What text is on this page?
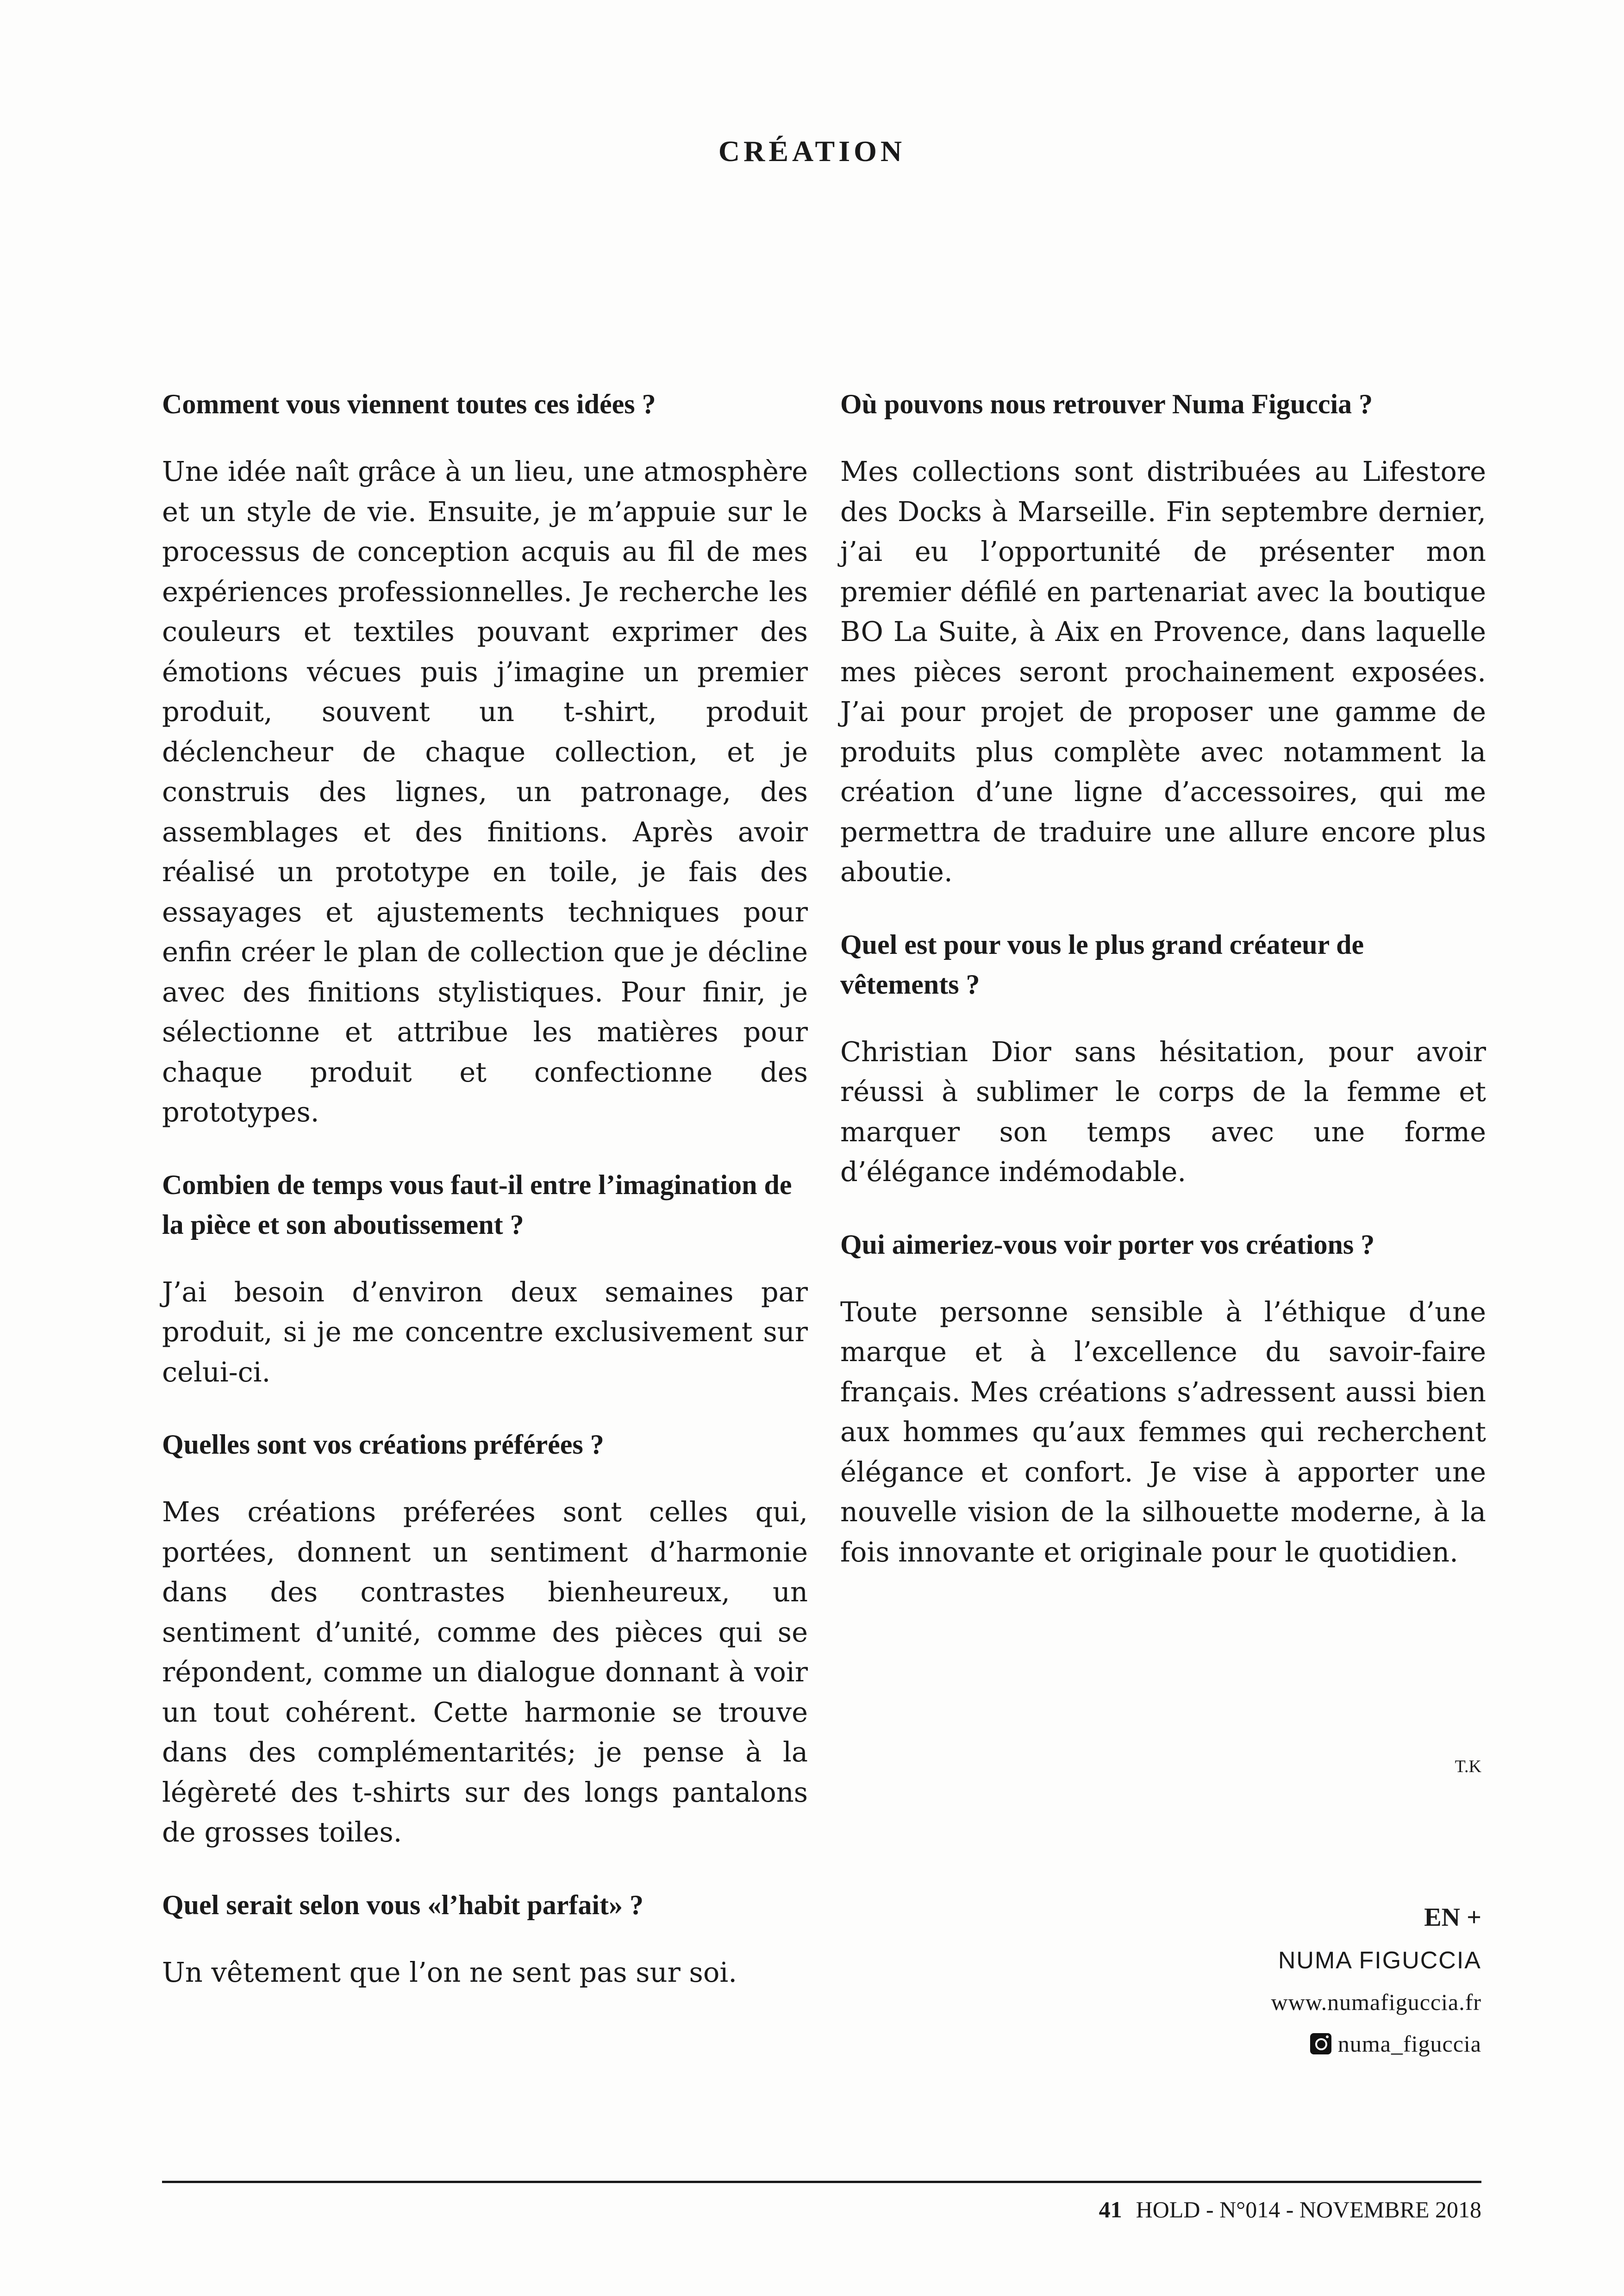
CRÉATION

Comment vous viennent toutes ces idées ?

Une idée naît grâce à un lieu, une atmosphère et un style de vie. Ensuite, je m’appuie sur le processus de conception acquis au fil de mes expériences professionnelles. Je recherche les couleurs et textiles pouvant exprimer des émotions vécues puis j’imagine un premier produit, souvent un t-shirt, produit déclencheur de chaque collection, et je construis des lignes, un patronage, des assemblages et des finitions. Après avoir réalisé un prototype en toile, je fais des essayages et ajustements techniques pour enfin créer le plan de collection que je décline avec des finitions stylistiques. Pour finir, je sélectionne et attribue les matières pour chaque produit et confectionne des prototypes.

Combien de temps vous faut-il entre l’imagination de la pièce et son aboutissement ?

J’ai besoin d’environ deux semaines par produit, si je me concentre exclusivement sur celui-ci.

Quelles sont vos créations préférées ?

Mes créations préferées sont celles qui, portées, donnent un sentiment d’harmonie dans des contrastes bienheureux, un sentiment d’unité, comme des pièces qui se répondent, comme un dialogue donnant à voir un tout cohérent. Cette harmonie se trouve dans des complémentarités; je pense à la légèreté des t-shirts sur des longs pantalons de grosses toiles.

Quel serait selon vous «l’habit parfait» ?

Un vêtement que l’on ne sent pas sur soi.

Où pouvons nous retrouver Numa Figuccia ?

Mes collections sont distribuées au Lifestore des Docks à Marseille. Fin septembre dernier, j’ai eu l’opportunité de présenter mon premier défilé en partenariat avec la boutique BO La Suite, à Aix en Provence, dans laquelle mes pièces seront prochainement exposées. J’ai pour projet de proposer une gamme de produits plus complète avec notamment la création d’une ligne d’accessoires, qui me permettra de traduire une allure encore plus aboutie.

Quel est pour vous le plus grand créateur de vêtements ?

Christian Dior sans hésitation, pour avoir réussi à sublimer le corps de la femme et marquer son temps avec une forme d’élégance indémodable.

Qui aimeriez-vous voir porter vos créations ?

Toute personne sensible à l’éthique d’une marque et à l’excellence du savoir-faire français. Mes créations s’adressent aussi bien aux hommes qu’aux femmes qui recherchent élégance et confort. Je vise à apporter une nouvelle vision de la silhouette moderne, à la fois innovante et originale pour le quotidien.

T.K
EN +
NUMA FIGUCCIA
www.numafiguccia.fr
numa_figuccia
41 HOLD - N°014 - NOVEMBRE 2018
